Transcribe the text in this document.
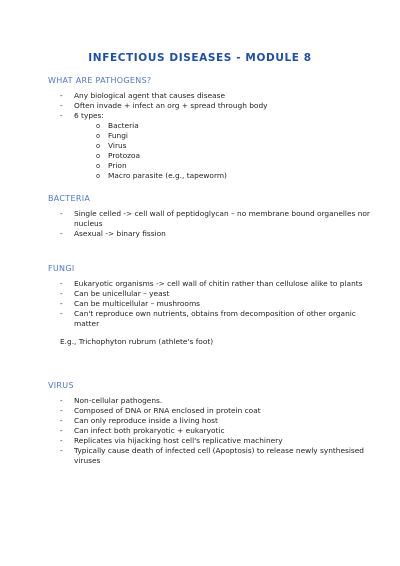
INFECTIOUS DISEASES - MODULE 8
WHAT ARE PATHOGENS?
- Any biological agent that causes disease
- Often invade + infect an org + spread through body
- 6 types:
o Bacteria
o Fungi
o Virus
o Protozoa
o Prion
o Macro parasite (e.g., tapeworm)
BACTERIA
- Single celled -> cell wall of peptidoglycan – no membrane bound organelles nor nucleus
- Asexual -> binary fission
FUNGI
- Eukaryotic organisms -> cell wall of chitin rather than cellulose alike to plants
- Can be unicellular – yeast
- Can be multicellular – mushrooms
- Can't reproduce own nutrients, obtains from decomposition of other organic matter
E.g., Trichophyton rubrum (athlete's foot)
VIRUS
- Non-cellular pathogens.
- Composed of DNA or RNA enclosed in protein coat
- Can only reproduce inside a living host
- Can infect both prokaryotic + eukaryotic
- Replicates via hijacking host cell's replicative machinery
- Typically cause death of infected cell (Apoptosis) to release newly synthesised viruses
